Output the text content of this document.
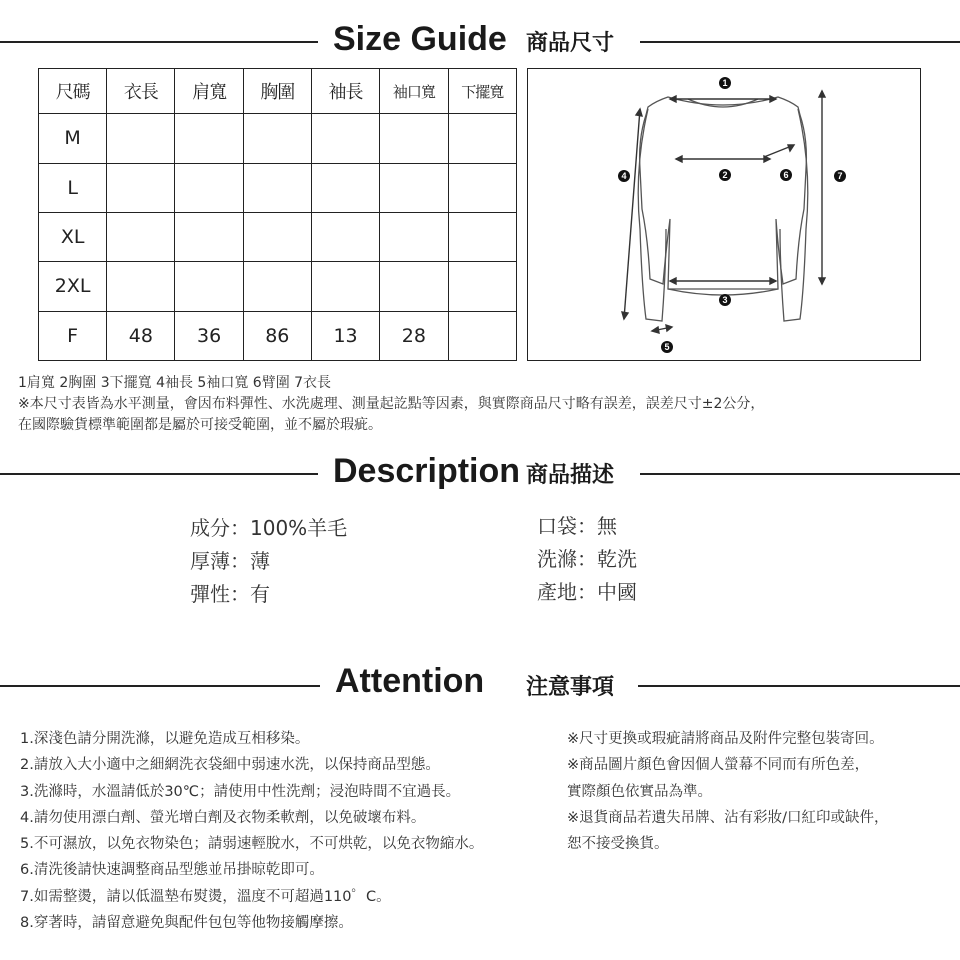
Size Guide 商品尺寸
尺碼	衣長	肩寬	胸圍	袖長	袖口寬	下擺寬
M						
L						
XL						
2XL						
F	48	36	86	13	28	
1
2
3
4
5
6	7
1肩寬 2胸圍 3下擺寬 4袖長 5袖口寬 6臂圍 7衣長
※本尺寸表皆為水平測量，會因布料彈性、水洗處理、測量起訖點等因素，與實際商品尺寸略有誤差，誤差尺寸±2公分，
在國際驗貨標準範圍都是屬於可接受範圍，並不屬於瑕疵。
Description 商品描述
成分：100%羊毛
厚薄：薄
彈性：有
口袋：無
洗滌：乾洗
產地：中國
Attention 注意事項
1.深淺色請分開洗滌，以避免造成互相移染。
2.請放入大小適中之細網洗衣袋細中弱速水洗，以保持商品型態。
3.洗滌時，水溫請低於30℃；請使用中性洗劑；浸泡時間不宜過長。
4.請勿使用漂白劑、螢光增白劑及衣物柔軟劑，以免破壞布料。
5.不可濕放，以免衣物染色；請弱速輕脫水，不可烘乾，以免衣物縮水。
6.清洗後請快速調整商品型態並吊掛晾乾即可。
7.如需整燙，請以低溫墊布熨燙，溫度不可超過110゜C。
8.穿著時，請留意避免與配件包包等他物接觸摩擦。
※尺寸更換或瑕疵請將商品及附件完整包裝寄回。
※商品圖片顏色會因個人螢幕不同而有所色差，
實際顏色依實品為準。
※退貨商品若遺失吊牌、沾有彩妝/口紅印或缺件，
恕不接受換貨。
